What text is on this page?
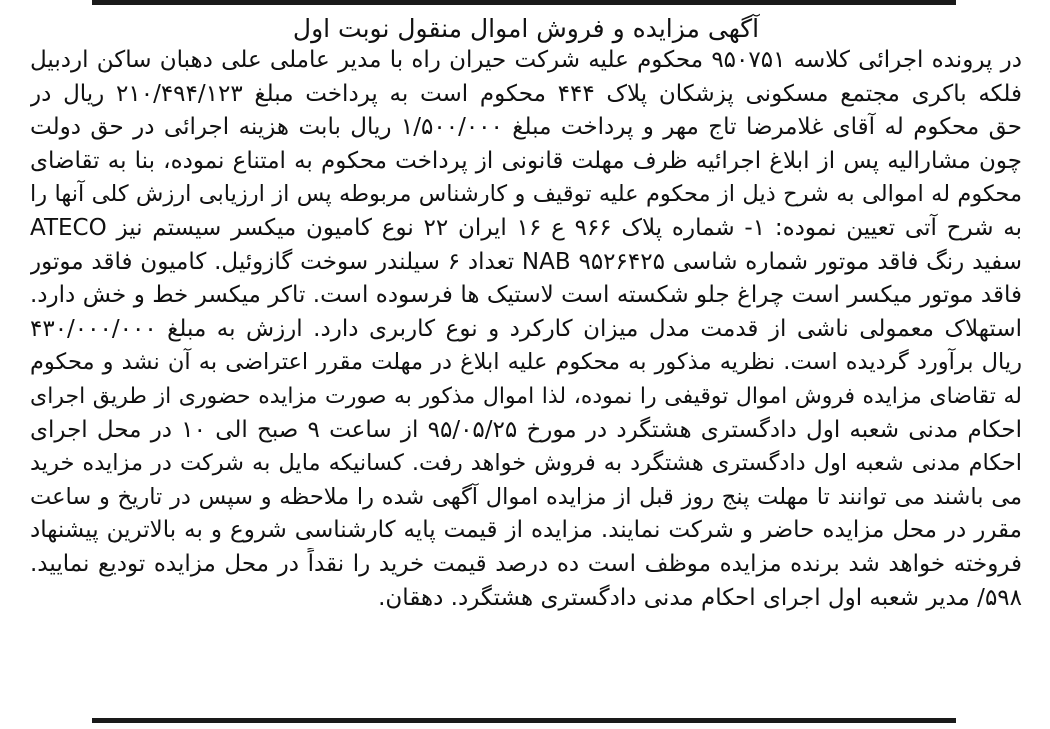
آگهی مزایده و فروش اموال منقول نوبت اول
در پرونده اجرائی کلاسه ۹۵۰۷۵۱ محکوم علیه شرکت حیران راه با مدیر عاملی علی دهبان ساکن اردبیل
فلکه باکری مجتمع مسکونی پزشکان پلاک ۴۴۴ محکوم است به پرداخت مبلغ ۲۱۰/۴۹۴/۱۲۳ ریال در
حق محکوم له آقای غلامرضا تاج مهر و پرداخت مبلغ ۱/۵۰۰/۰۰۰ ریال بابت هزینه اجرائی در حق دولت
چون مشارالیه پس از ابلاغ اجرائیه ظرف مهلت قانونی از پرداخت محکوم به امتناع نموده، بنا به تقاضای
محکوم له اموالی به شرح ذیل از محکوم علیه توقیف و کارشناس مربوطه پس از ارزیابی ارزش کلی آنها را
به شرح آتی تعیین نموده: ۱- شماره پلاک ۹۶۶ ع ۱۶ ایران ۲۲ نوع کامیون میکسر سیستم نیز ATECO
سفید رنگ فاقد موتور شماره شاسی NAB ۹۵۲۶۴۲۵ تعداد ۶ سیلندر سوخت گازوئیل. کامیون فاقد موتور
فاقد موتور میکسر است چراغ جلو شکسته است لاستیک ها فرسوده است. تاکر میکسر خط و خش دارد.
استهلاک معمولی ناشی از قدمت مدل میزان کارکرد و نوع کاربری دارد. ارزش به مبلغ ۴۳۰/۰۰۰/۰۰۰
ریال برآورد گردیده است. نظریه مذکور به محکوم علیه ابلاغ در مهلت مقرر اعتراضی به آن نشد و محکوم
له تقاضای مزایده فروش اموال توقیفی را نموده، لذا اموال مذکور به صورت مزایده حضوری از طریق اجرای
احکام مدنی شعبه اول دادگستری هشتگرد در مورخ ۹۵/۰۵/۲۵ از ساعت ۹ صبح الی ۱۰ در محل اجرای
احکام مدنی شعبه اول دادگستری هشتگرد به فروش خواهد رفت. کسانیکه مایل به شرکت در مزایده خرید
می باشند می توانند تا مهلت پنج روز قبل از مزایده اموال آگهی شده را ملاحظه و سپس در تاریخ و ساعت
مقرر در محل مزایده حاضر و شرکت نمایند. مزایده از قیمت پایه کارشناسی شروع و به بالاترین پیشنهاد
فروخته خواهد شد برنده مزایده موظف است ده درصد قیمت خرید را نقداً در محل مزایده تودیع نمایید.
۵۹۸/ مدیر شعبه اول اجرای احکام مدنی دادگستری هشتگرد. دهقان.
